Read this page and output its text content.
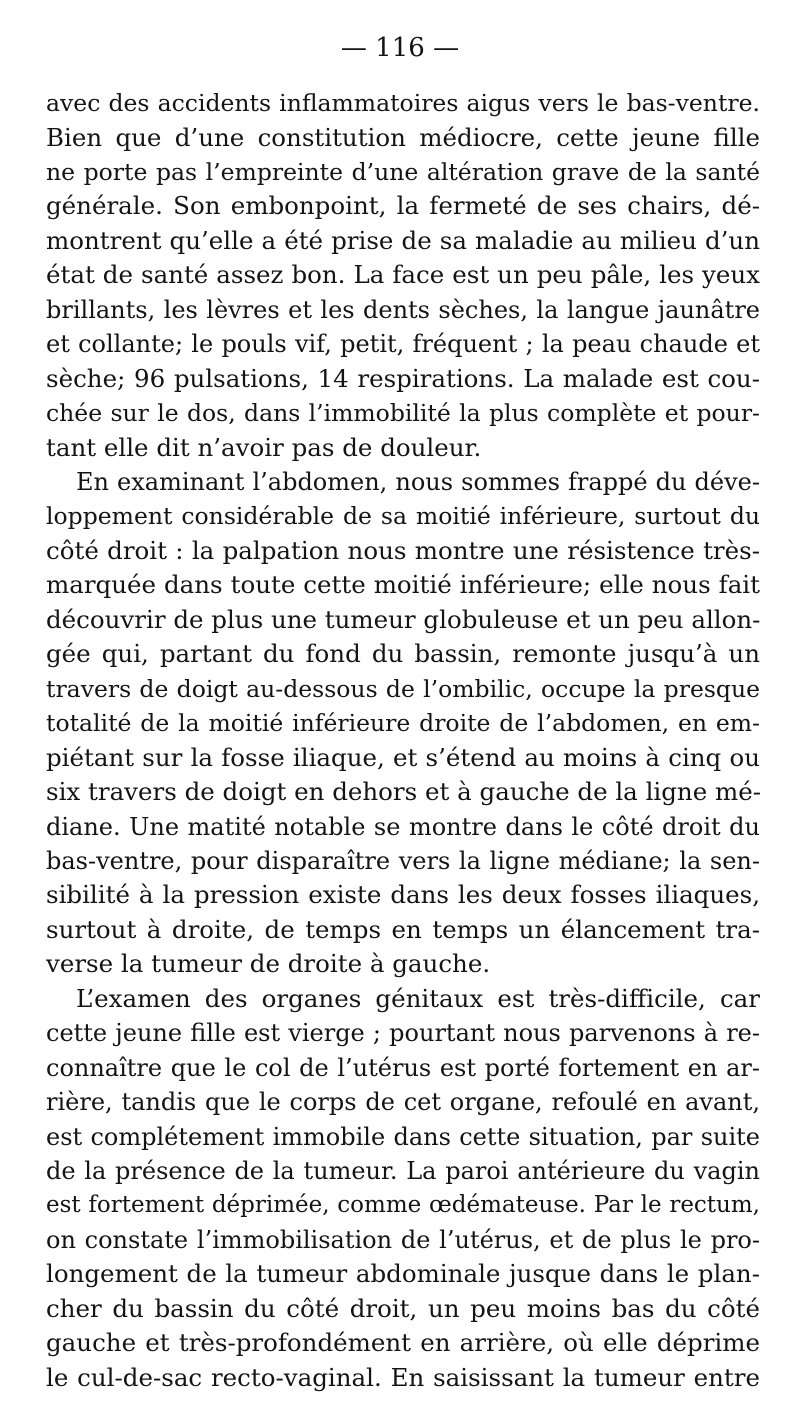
— 116 —
avec des accidents inflammatoires aigus vers le bas-ventre.
Bien que d’une constitution médiocre, cette jeune fille
ne porte pas l’empreinte d’une altération grave de la santé
générale. Son embonpoint, la fermeté de ses chairs, dé-
montrent qu’elle a été prise de sa maladie au milieu d’un
état de santé assez bon. La face est un peu pâle, les yeux
brillants, les lèvres et les dents sèches, la langue jaunâtre
et collante; le pouls vif, petit, fréquent ; la peau chaude et
sèche; 96 pulsations, 14 respirations. La malade est cou-
chée sur le dos, dans l’immobilité la plus complète et pour-
tant elle dit n’avoir pas de douleur.
En examinant l’abdomen, nous sommes frappé du déve-
loppement considérable de sa moitié inférieure, surtout du
côté droit : la palpation nous montre une résistence très-
marquée dans toute cette moitié inférieure; elle nous fait
découvrir de plus une tumeur globuleuse et un peu allon-
gée qui, partant du fond du bassin, remonte jusqu’à un
travers de doigt au-dessous de l’ombilic, occupe la presque
totalité de la moitié inférieure droite de l’abdomen, en em-
piétant sur la fosse iliaque, et s’étend au moins à cinq ou
six travers de doigt en dehors et à gauche de la ligne mé-
diane. Une matité notable se montre dans le côté droit du
bas-ventre, pour disparaître vers la ligne médiane; la sen-
sibilité à la pression existe dans les deux fosses iliaques,
surtout à droite, de temps en temps un élancement tra-
verse la tumeur de droite à gauche.
L’examen des organes génitaux est très-difficile, car
cette jeune fille est vierge ; pourtant nous parvenons à re-
connaître que le col de l’utérus est porté fortement en ar-
rière, tandis que le corps de cet organe, refoulé en avant,
est complétement immobile dans cette situation, par suite
de la présence de la tumeur. La paroi antérieure du vagin
est fortement déprimée, comme œdémateuse. Par le rectum,
on constate l’immobilisation de l’utérus, et de plus le pro-
longement de la tumeur abdominale jusque dans le plan-
cher du bassin du côté droit, un peu moins bas du côté
gauche et très-profondément en arrière, où elle déprime
le cul-de-sac recto-vaginal. En saisissant la tumeur entre
